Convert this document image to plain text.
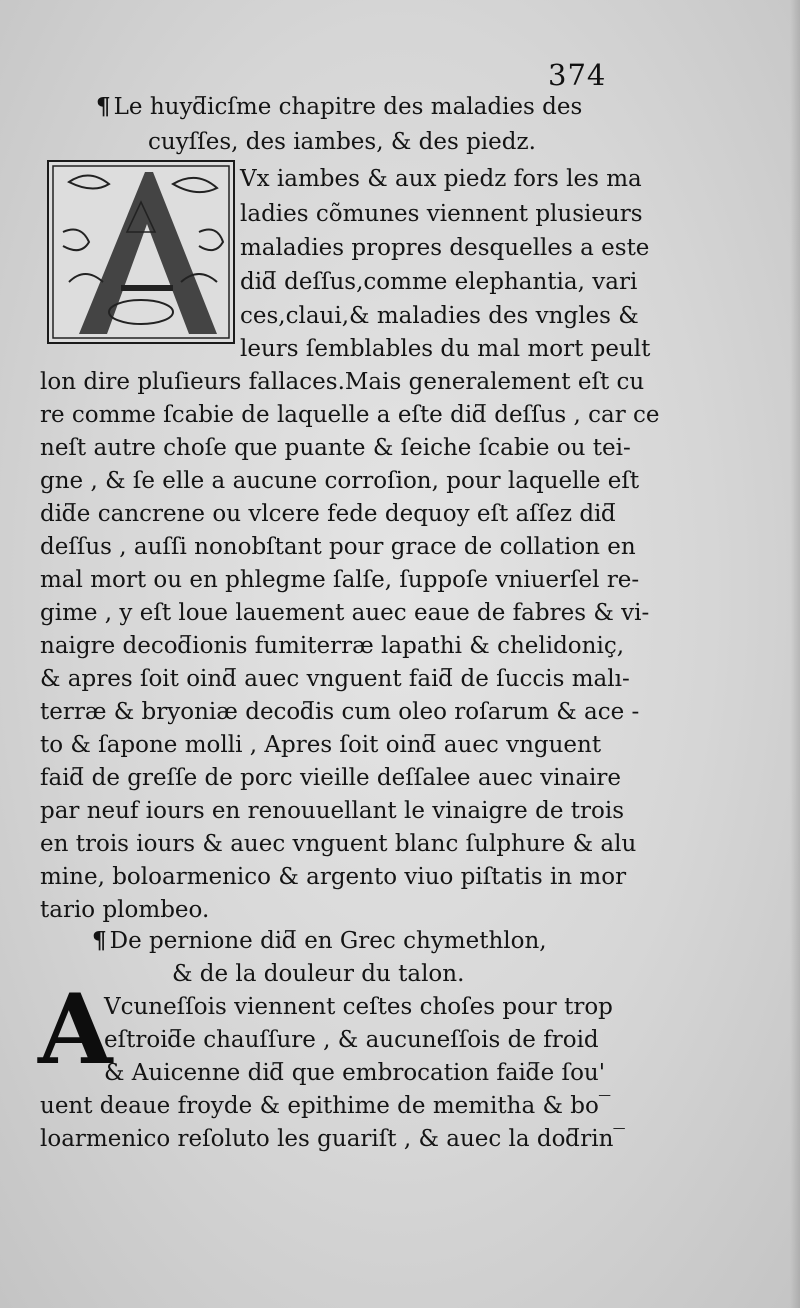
374
¶ Le huyƌicſme chapitre des maladies des
cuyſſes, des iambes, & des piedz.
Vx iambes & aux piedz fors les ma
ladies cõmunes viennent plusieurs
maladies propres desquelles a este
diƌ deſſus,comme elephantia, vari
ces,claui,& maladies des vngles &
leurs ſemblables du mal mort peult
lon dire pluſieurs fallaces.Mais generalement eſt cu
re comme ſcabie de laquelle a eſte diƌ deſſus , car ce
neſt autre choſe que puante & ſeiche ſcabie ou tei-
gne , & ſe elle a aucune corroſion, pour laquelle eſt
diƌe cancrene ou vlcere fede dequoy eſt aſſez diƌ
deſſus , auſſi nonobſtant pour grace de collation en
mal mort ou en phlegme ſalſe, ſuppoſe vniuerſel re-
gime , y eſt loue lauement auec eaue de fabres & vi-
naigre decoƌionis fumiterræ lapathi & chelidoniç,
& apres ſoit oinƌ auec vnguent faiƌ de ſuccis malı-
terræ & bryoniæ decoƌis cum oleo roſarum & ace -
to & ſapone molli , Apres ſoit oinƌ auec vnguent
faiƌ de greſſe de porc vieille deſſalee auec vinaire
par neuf iours en renouuellant le vinaigre de trois
en trois iours & auec vnguent blanc ſulphure & alu
mine, boloarmenico & argento viuo piſtatis in mor
tario plombeo.
¶ De pernione diƌ en Grec chymethlon,
& de la douleur du talon.
A
Vcuneſſois viennent ceſtes choſes pour trop
eſtroiƌe chauſſure , & aucuneſſois de froid
& Auicenne diƌ que embrocation faiƌe ſou'
uent deaue froyde & epithime de memitha & bo‾
loarmenico reſoluto les guariſt , & auec la doƌrin‾
